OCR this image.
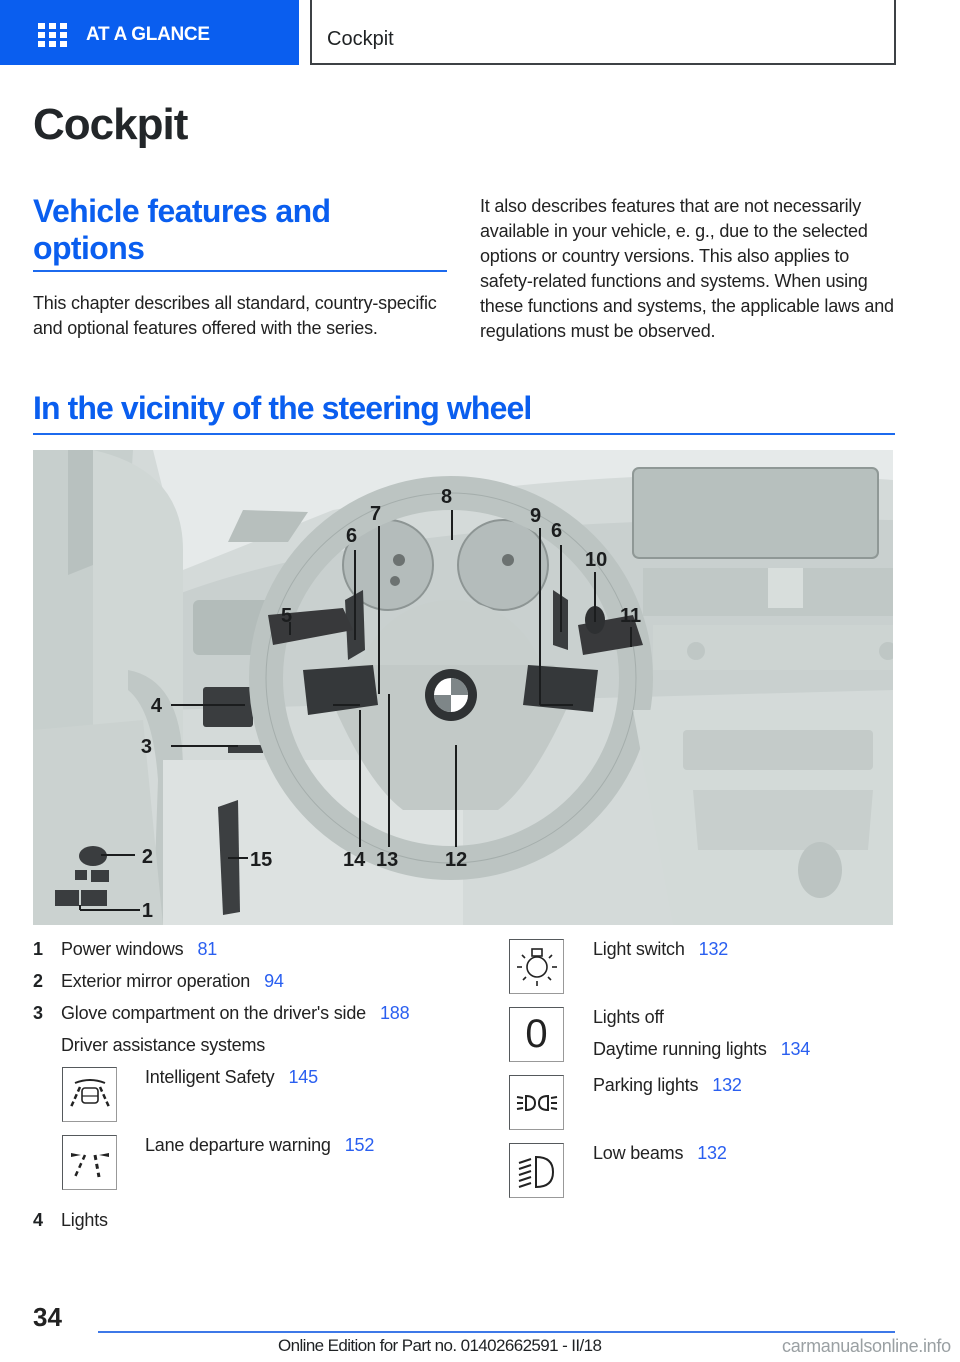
AT A GLANCE	Cockpit
Cockpit
Vehicle features and options

This chapter describes all standard, country-specific and optional features offered with the series.

It also describes features that are not necessarily available in your vehicle, e. g., due to the selected options or country versions. This also applies to safety-related functions and systems. When using these functions and systems, the applicable laws and regulations must be observed.

In the vicinity of the steering wheel
4
3
2
1
5
6
7
8
9
6
10
11
12
13
14
15
1	Power windows 81
2	Exterior mirror operation 94
3	Glove compartment on the driver's side 188
Driver assistance systems
Intelligent Safety 145
Lane departure warning 152
4	Lights
Light switch 132
0	Lights off
Daytime running lights 134
Parking lights 132
Low beams 132
34
Online Edition for Part no. 01402662591 - II/18	carmanualsonline.info
